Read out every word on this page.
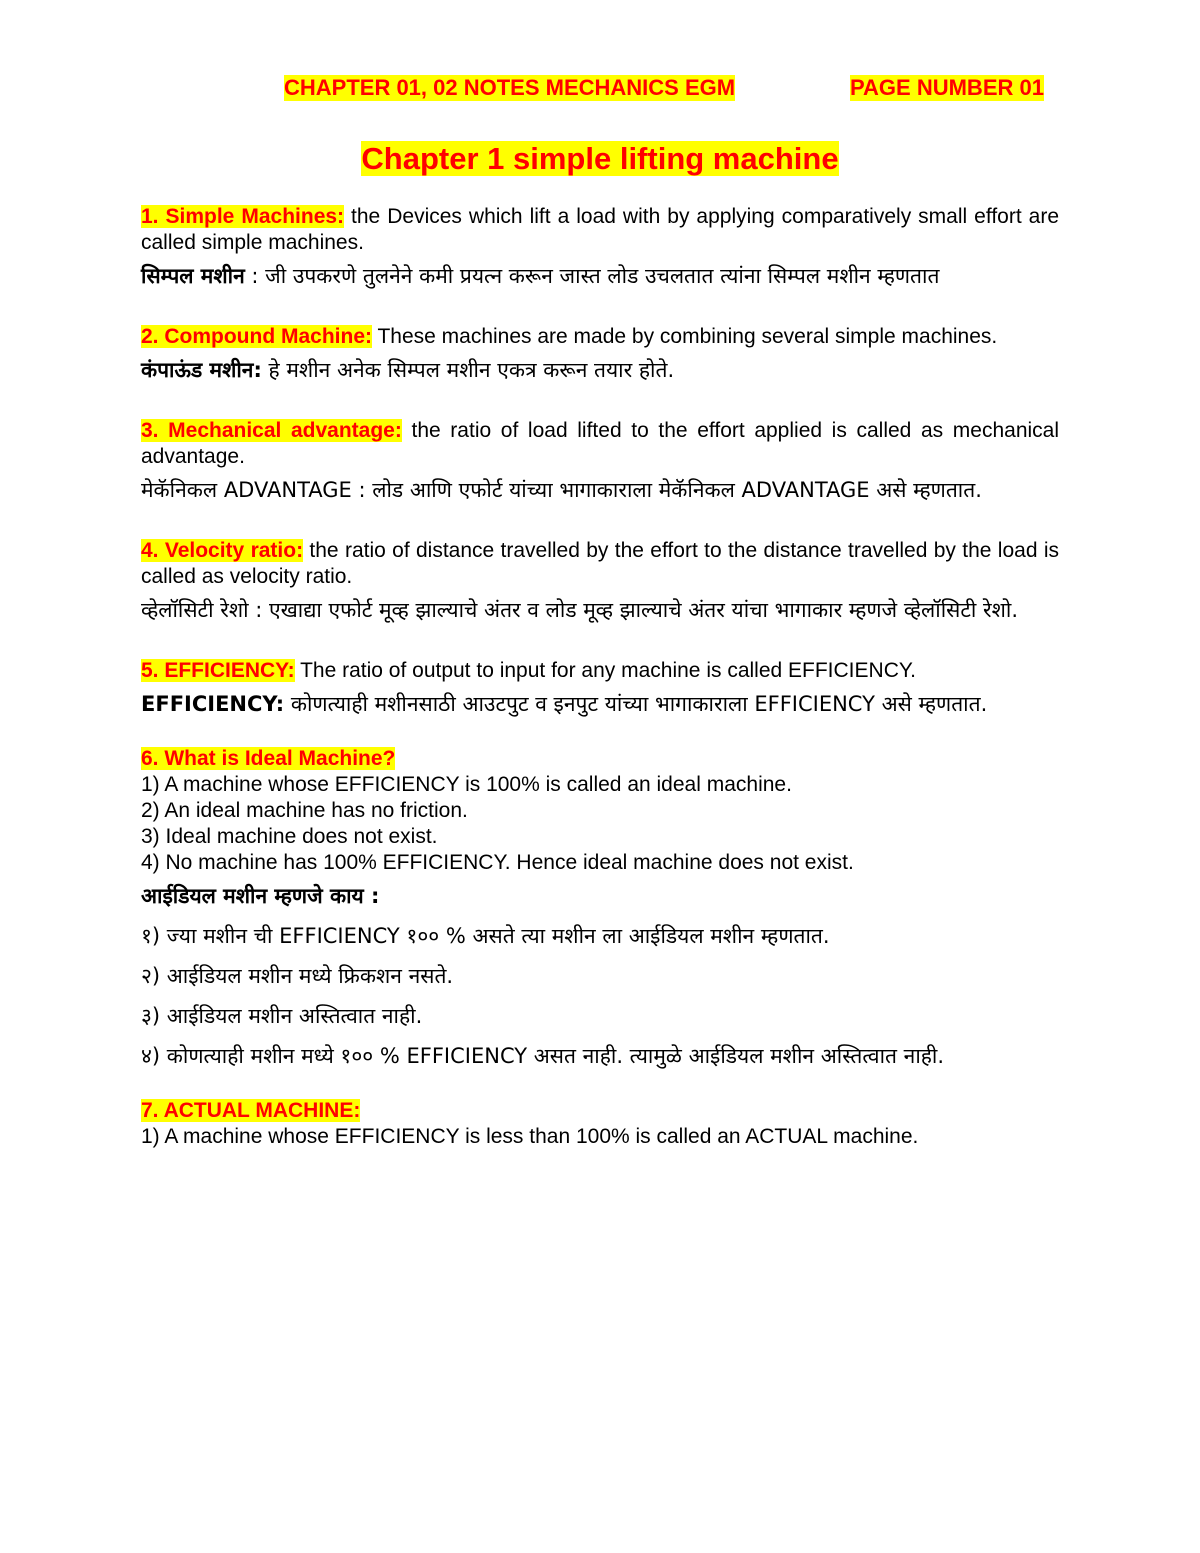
CHAPTER 01, 02 NOTES MECHANICS EGM	PAGE NUMBER 01
Chapter 1 simple lifting machine

1. Simple Machines: the Devices which lift a load with by applying comparatively small effort are called simple machines.

सिम्पल मशीन : जी उपकरणे तुलनेने कमी प्रयत्न करून जास्त लोड उचलतात त्यांना सिम्पल मशीन म्हणतात

2. Compound Machine: These machines are made by combining several simple machines.

कंपाऊंड मशीन: हे मशीन अनेक सिम्पल मशीन एकत्र करून तयार होते.

3. Mechanical advantage: the ratio of load lifted to the effort applied is called as mechanical advantage.

मेकॅनिकल ADVANTAGE : लोड आणि एफोर्ट यांच्या भागाकाराला मेकॅनिकल ADVANTAGE असे म्हणतात.

4. Velocity ratio: the ratio of distance travelled by the effort to the distance travelled by the load is called as velocity ratio.

व्हेलॉसिटी रेशो : एखाद्या एफोर्ट मूव्ह झाल्याचे अंतर व लोड मूव्ह झाल्याचे अंतर यांचा भागाकार म्हणजे व्हेलॉसिटी रेशो.

5. EFFICIENCY: The ratio of output to input for any machine is called EFFICIENCY.

EFFICIENCY: कोणत्याही मशीनसाठी आउटपुट व इनपुट यांच्या भागाकाराला EFFICIENCY असे म्हणतात.

6. What is Ideal Machine?

1) A machine whose EFFICIENCY is 100% is called an ideal machine.

2) An ideal machine has no friction.

3) Ideal machine does not exist.

4) No machine has 100% EFFICIENCY. Hence ideal machine does not exist.

आईडियल मशीन म्हणजे काय :

१) ज्या मशीन ची EFFICIENCY १०० % असते त्या मशीन ला आईडियल मशीन म्हणतात.

२) आईडियल मशीन मध्ये फ्रिकशन नसते.

३) आईडियल मशीन अस्तित्वात नाही.

४) कोणत्याही मशीन मध्ये १०० % EFFICIENCY असत नाही. त्यामुळे आईडियल मशीन अस्तित्वात नाही.

7. ACTUAL MACHINE:

1) A machine whose EFFICIENCY is less than 100% is called an ACTUAL machine.
